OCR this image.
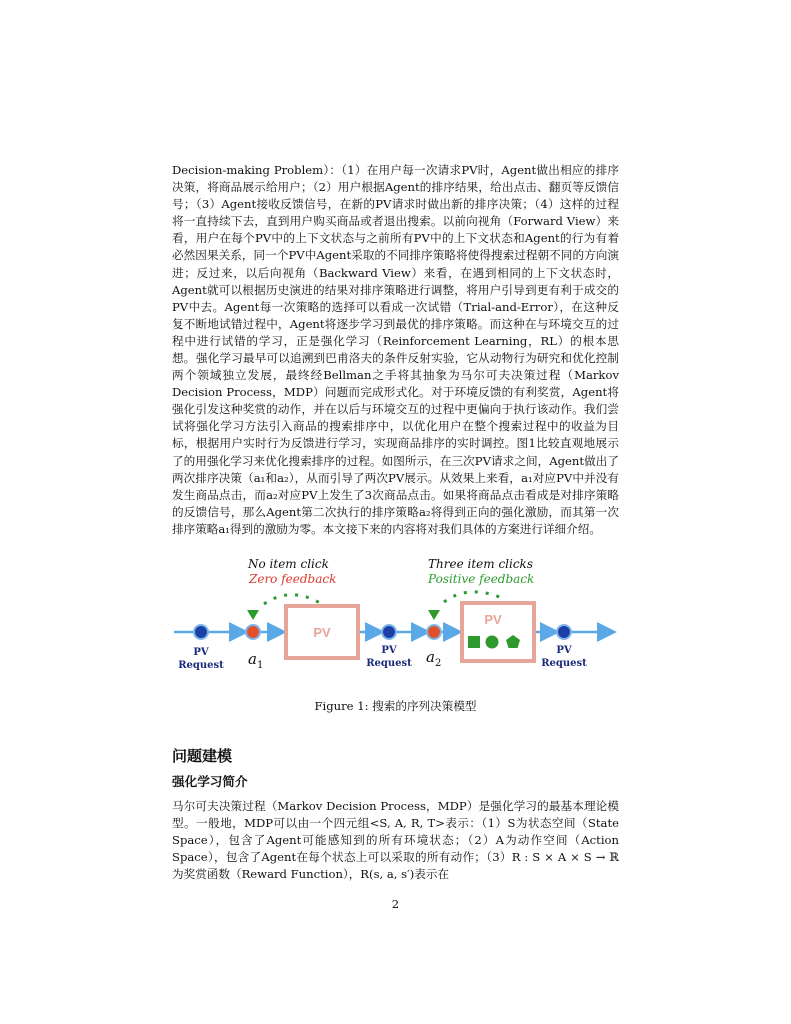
Decision-making Problem）：（1）在用户每一次请求PV时，Agent做出相应的排序决策，将商品展示给用户；（2）用户根据Agent的排序结果，给出点击、翻页等反馈信号；（3）Agent接收反馈信号，在新的PV请求时做出新的排序决策；（4）这样的过程将一直持续下去，直到用户购买商品或者退出搜索。以前向视角（Forward View）来看，用户在每个PV中的上下文状态与之前所有PV中的上下文状态和Agent的行为有着必然因果关系，同一个PV中Agent采取的不同排序策略将使得搜索过程朝不同的方向演进；反过来，以后向视角（Backward View）来看，在遇到相同的上下文状态时，Agent就可以根据历史演进的结果对排序策略进行调整，将用户引导到更有利于成交的PV中去。Agent每一次策略的选择可以看成一次试错（Trial-and-Error），在这种反复不断地试错过程中，Agent将逐步学习到最优的排序策略。而这种在与环境交互的过程中进行试错的学习，正是强化学习（Reinforcement Learning，RL）的根本思想。 强化学习最早可以追溯到巴甫洛夫的条件反射实验，它从动物行为研究和优化控制两个领域独立发展，最终经Bellman之手将其抽象为马尔可夫决策过程（Markov Decision Process，MDP）问题而完成形式化。对于环境反馈的有利奖赏，Agent将强化引发这种奖赏的动作，并在以后与环境交互的过程中更偏向于执行该动作。我们尝试将强化学习方法引入商品的搜索排序中，以优化用户在整个搜索过程中的收益为目标，根据用户实时行为反馈进行学习，实现商品排序的实时调控。图1比较直观地展示了的用强化学习来优化搜索排序的过程。如图所示，在三次PV请求之间，Agent做出了两次排序决策（a₁和a₂），从而引导了两次PV展示。从效果上来看，a₁对应PV中并没有发生商品点击，而a₂对应PV上发生了3次商品点击。如果将商品点击看成是对排序策略的反馈信号，那么Agent第二次执行的排序策略a₂将得到正向的强化激励，而其第一次排序策略a₁得到的激励为零。本文接下来的内容将对我们具体的方案进行详细介绍。

PV
PV
No item click
Zero feedback
Three item clicks
Positive feedback
PV
Request
PV
Request
PV
Request
$a_1$	$a_2$
Figure 1: 搜索的序列决策模型
问题建模
强化学习简介

马尔可夫决策过程（Markov Decision Process，MDP）是强化学习的最基本理论模型。一般地，MDP可以由一个四元组<S, A, R, T>表示：（1）S为状态空间（State Space），包含了Agent可能感知到的所有环境状态；（2）A为动作空间（Action Space），包含了Agent在每个状态上可以采取的所有动作；（3）R : S × A × S → ℝ为奖赏函数（Reward Function），R(s, a, s′)表示在

2
